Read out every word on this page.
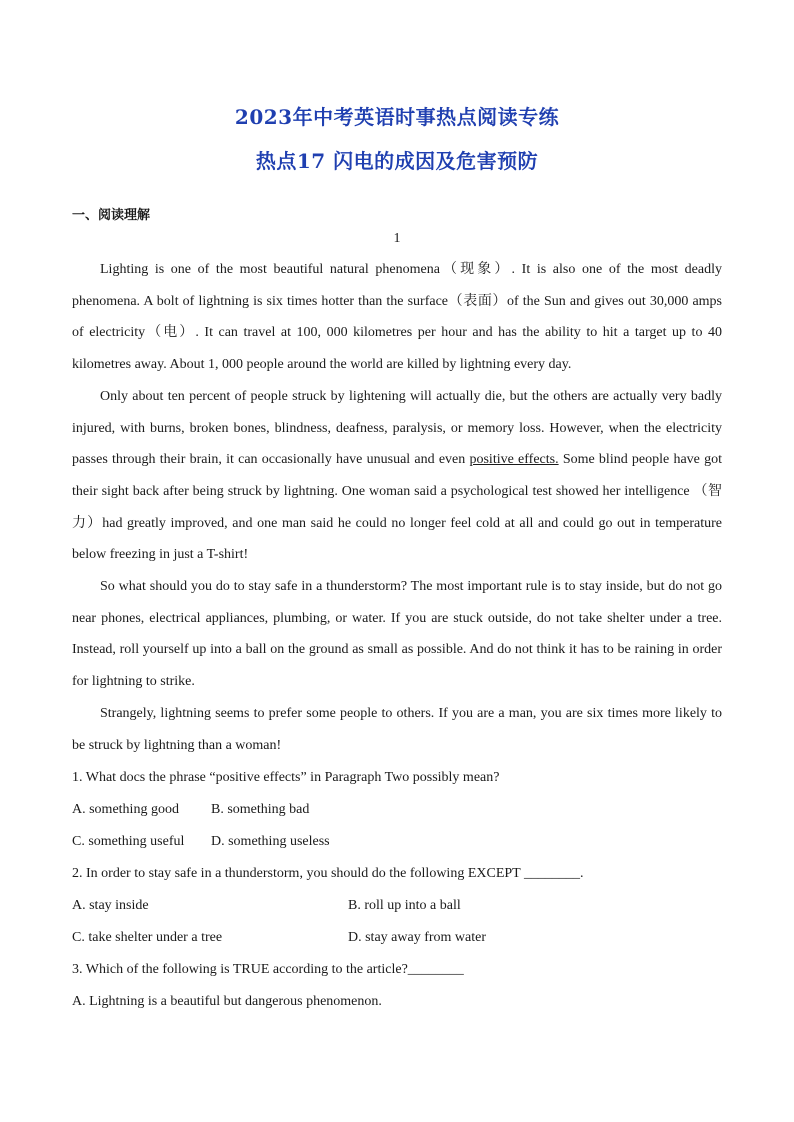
2023年中考英语时事热点阅读专练
热点17 闪电的成因及危害预防
一、阅读理解
1

Lighting is one of the most beautiful natural phenomena（现象）. It is also one of the most deadly phenomena. A bolt of lightning is six times hotter than the surface（表面）of the Sun and gives out 30,000 amps of electricity（电）. It can travel at 100, 000 kilometres per hour and has the ability to hit a target up to 40 kilometres away. About 1, 000 people around the world are killed by lightning every day.

Only about ten percent of people struck by lightening will actually die, but the others are actually very badly injured, with burns, broken bones, blindness, deafness, paralysis, or memory loss. However, when the electricity passes through their brain, it can occasionally have unusual and even positive effects. Some blind people have got their sight back after being struck by lightning. One woman said a psychological test showed her intelligence （智力）had greatly improved, and one man said he could no longer feel cold at all and could go out in temperature below freezing in just a T-shirt!

So what should you do to stay safe in a thunderstorm? The most important rule is to stay inside, but do not go near phones, electrical appliances, plumbing, or water. If you are stuck outside, do not take shelter under a tree. Instead, roll yourself up into a ball on the ground as small as possible. And do not think it has to be raining in order for lightning to strike.

Strangely, lightning seems to prefer some people to others. If you are a man, you are six times more likely to be struck by lightning than a woman!

1. What docs the phrase “positive effects” in Paragraph Two possibly mean?
A. something good	B. something bad
C. something useful	D. something useless
2. In order to stay safe in a thunderstorm, you should do the following EXCEPT ________.
A. stay inside	B. roll up into a ball
C. take shelter under a tree	D. stay away from water
3. Which of the following is TRUE according to the article?________
A. Lightning is a beautiful but dangerous phenomenon.
